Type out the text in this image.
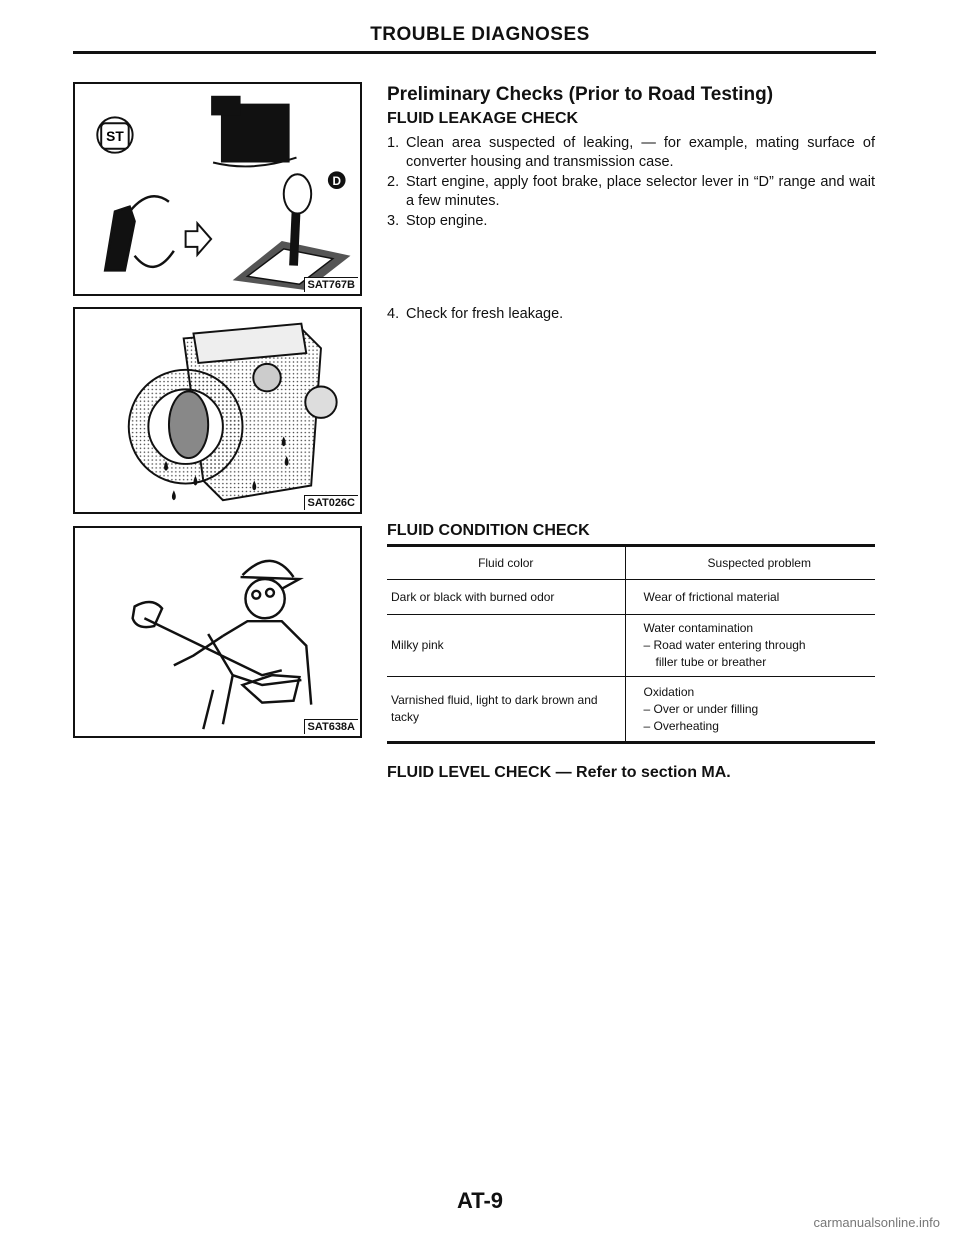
TROUBLE DIAGNOSES
ST
D
SAT767B
SAT026C
SAT638A
Preliminary Checks (Prior to Road Testing)
FLUID LEAKAGE CHECK
1. Clean area suspected of leaking, — for example, mating surface of converter housing and transmission case.
2. Start engine, apply foot brake, place selector lever in “D” range and wait a few minutes.
3. Stop engine.
4. Check for fresh leakage.
FLUID CONDITION CHECK
Fluid color	Suspected problem
Dark or black with burned odor	Wear of frictional material

Milky pink	Water contamination
– Road water entering through
filler tube or breather

Varnished fluid, light to dark brown and tacky	Oxidation
– Over or under filling
– Overheating
FLUID LEVEL CHECK — Refer to section MA.
AT-9
carmanualsonline.info
